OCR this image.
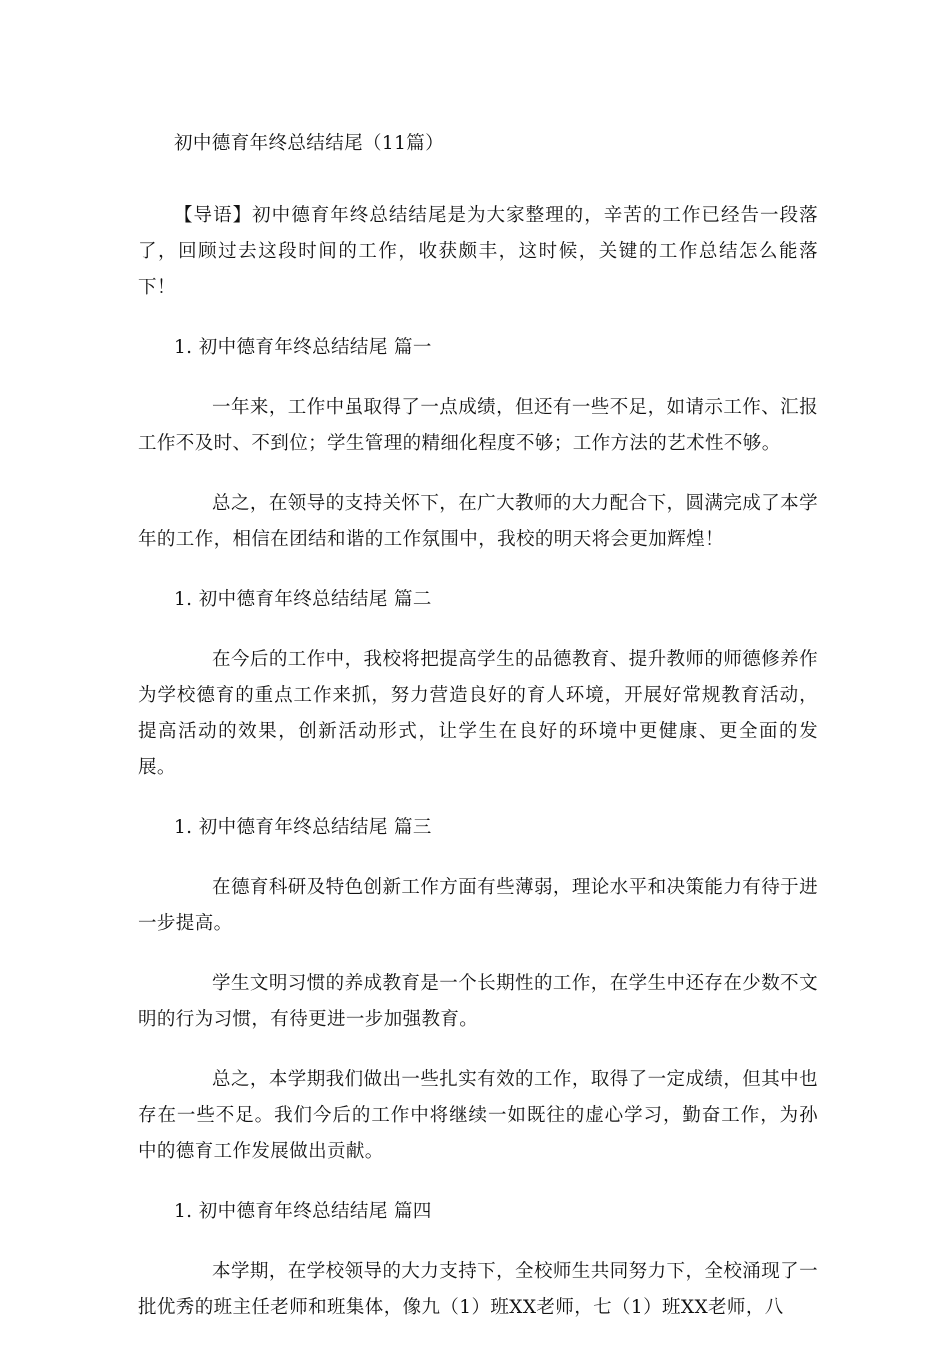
初中德育年终总结结尾（11篇）

【导语】初中德育年终总结结尾是为大家整理的，辛苦的工作已经告一段落了，回顾过去这段时间的工作，收获颇丰，这时候，关键的工作总结怎么能落下！

1. 初中德育年终总结结尾 篇一

一年来，工作中虽取得了一点成绩，但还有一些不足，如请示工作、汇报工作不及时、不到位；学生管理的精细化程度不够；工作方法的艺术性不够。

总之，在领导的支持关怀下，在广大教师的大力配合下，圆满完成了本学年的工作，相信在团结和谐的工作氛围中，我校的明天将会更加辉煌！

1. 初中德育年终总结结尾 篇二

在今后的工作中，我校将把提高学生的品德教育、提升教师的师德修养作为学校德育的重点工作来抓，努力营造良好的育人环境，开展好常规教育活动，提高活动的效果，创新活动形式，让学生在良好的环境中更健康、更全面的发展。

1. 初中德育年终总结结尾 篇三

在德育科研及特色创新工作方面有些薄弱，理论水平和决策能力有待于进一步提高。

学生文明习惯的养成教育是一个长期性的工作，在学生中还存在少数不文明的行为习惯，有待更进一步加强教育。

总之，本学期我们做出一些扎实有效的工作，取得了一定成绩，但其中也存在一些不足。我们今后的工作中将继续一如既往的虚心学习，勤奋工作，为孙中的德育工作发展做出贡献。

1. 初中德育年终总结结尾 篇四

本学期，在学校领导的大力支持下，全校师生共同努力下，全校涌现了一批优秀的班主任老师和班集体，像九（1）班XX老师，七（1）班XX老师，八
